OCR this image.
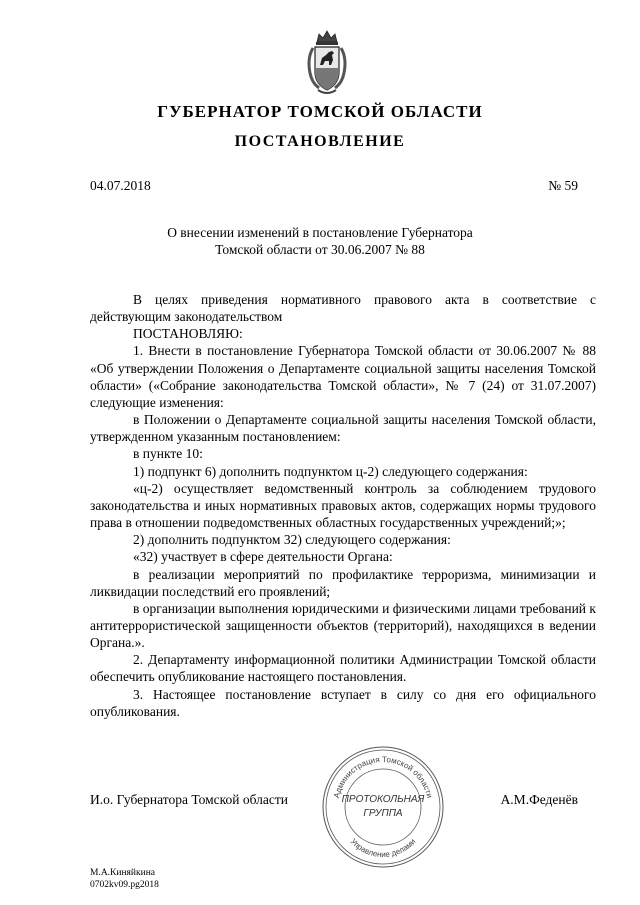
ГУБЕРНАТОР ТОМСКОЙ ОБЛАСТИ
ПОСТАНОВЛЕНИЕ
04.07.2018	№ 59
О внесении изменений в постановление Губернатора
Томской области от 30.06.2007 № 88

В целях приведения нормативного правового акта в соответствие с действующим законодательством

ПОСТАНОВЛЯЮ:

1. Внести в постановление Губернатора Томской области от 30.06.2007 № 88 «Об утверждении Положения о Департаменте социальной защиты населения Томской области» («Собрание законодательства Томской области», № 7 (24) от 31.07.2007) следующие изменения:

в Положении о Департаменте социальной защиты населения Томской области, утвержденном указанным постановлением:

в пункте 10:

1) подпункт 6) дополнить подпунктом ц-2) следующего содержания:

«ц-2) осуществляет ведомственный контроль за соблюдением трудового законодательства и иных нормативных правовых актов, содержащих нормы трудового права в отношении подведомственных областных государственных учреждений;»;

2) дополнить подпунктом 32) следующего содержания:

«32) участвует в сфере деятельности Органа:

в реализации мероприятий по профилактике терроризма, минимизации и ликвидации последствий его проявлений;

в организации выполнения юридическими и физическими лицами требований к антитеррористической защищенности объектов (территорий), находящихся в ведении Органа.».

2. Департаменту информационной политики Администрации Томской области обеспечить опубликование настоящего постановления.

3. Настоящее постановление вступает в силу со дня его официального опубликования.

И.о. Губернатора Томской области	А.М.Феденёв
Администрация Томской области
Управление делами
ПРОТОКОЛЬНАЯ
ГРУППА
М.А.Киняйкина
0702kv09.pg2018
